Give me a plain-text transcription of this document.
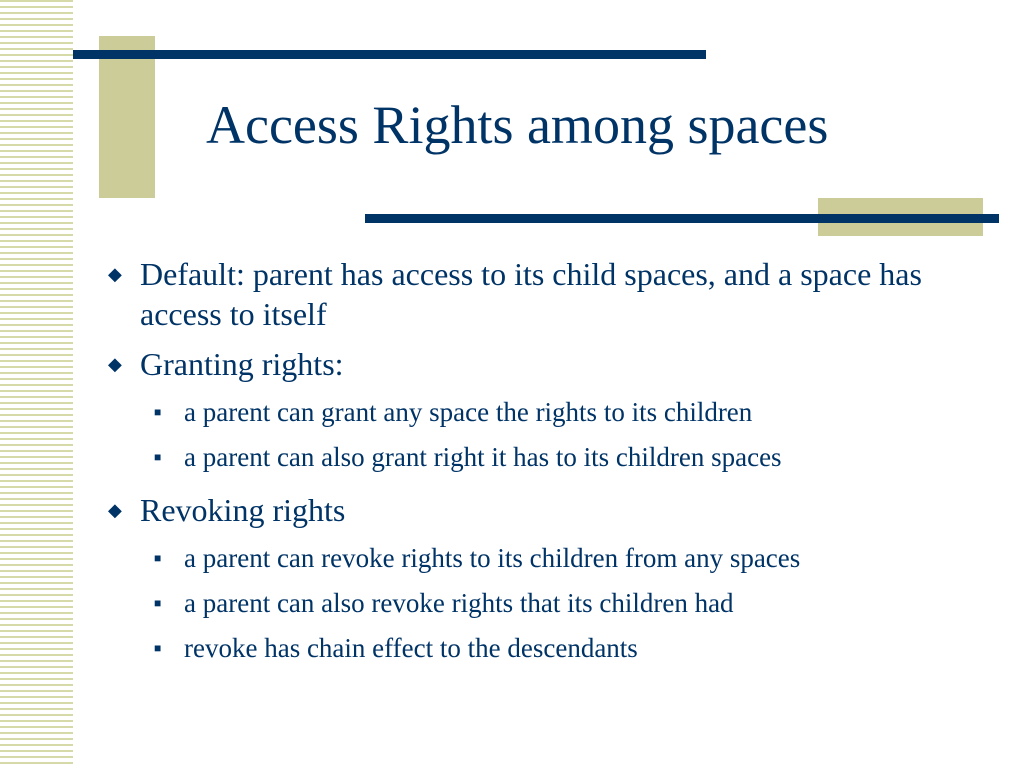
Access Rights among spaces
◆ Default: parent has access to its child spaces, and a space has access to itself
◆ Granting rights:
■ a parent can grant any space the rights to its children
■ a parent can also grant right it has to its children spaces
◆ Revoking rights
■ a parent can revoke rights to its children from any spaces
■ a parent can also revoke rights that its children had
■ revoke has chain effect to the descendants
